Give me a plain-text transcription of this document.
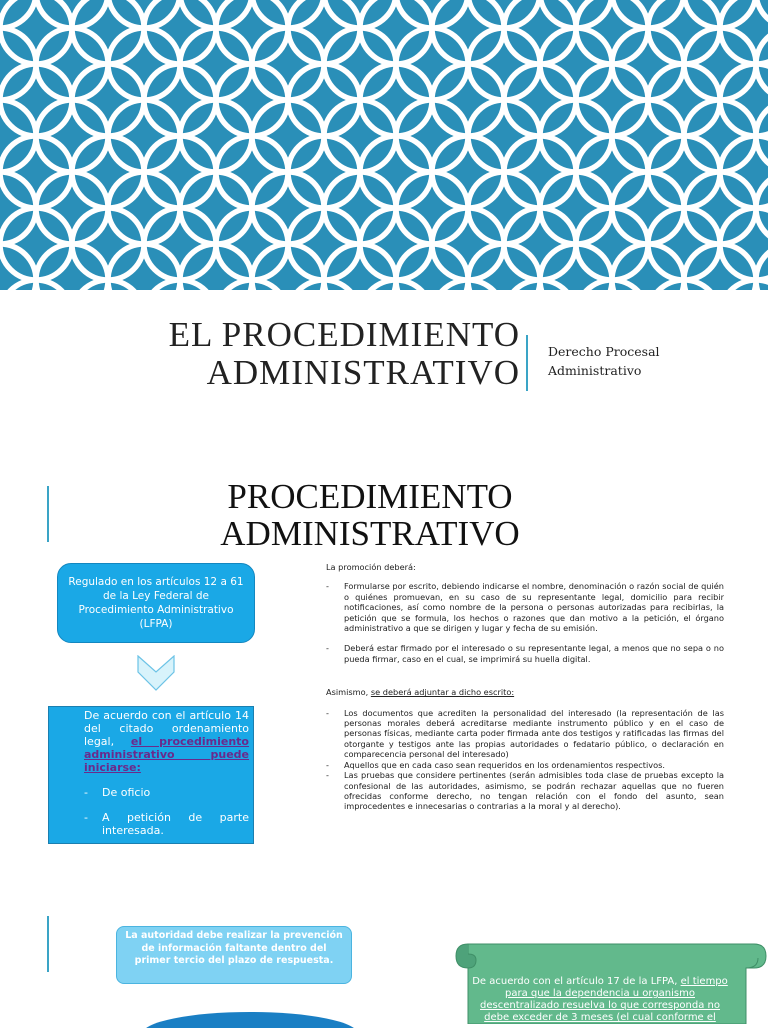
EL PROCEDIMIENTO
ADMINISTRATIVO
Derecho Procesal
Administrativo
PROCEDIMIENTO
ADMINISTRATIVO
Regulado en los artículos 12 a 61 de la Ley Federal de Procedimiento Administrativo (LFPA)
De acuerdo con el artículo 14 del citado ordenamiento legal, el procedimiento administrativo puede iniciarse:
-	De oficio
-	A petición de parte interesada.

La promoción deberá:

-	Formularse por escrito, debiendo indicarse el nombre, denominación o razón social de quién o quiénes promuevan, en su caso de su representante legal, domicilio para recibir notificaciones, así como nombre de la persona o personas autorizadas para recibirlas, la petición que se formula, los hechos o razones que dan motivo a la petición, el órgano administrativo a que se dirigen y lugar y fecha de su emisión.
-	Deberá estar firmado por el interesado o su representante legal, a menos que no sepa o no pueda firmar, caso en el cual, se imprimirá su huella digital.

Asimismo, se deberá adjuntar a dicho escrito:

-	Los documentos que acrediten la personalidad del interesado (la representación de las personas morales deberá acreditarse mediante instrumento público y en el caso de personas físicas, mediante carta poder firmada ante dos testigos y ratificadas las firmas del otorgante y testigos ante las propias autoridades o fedatario público, o declaración en comparecencia personal del interesado)
-	Aquellos que en cada caso sean requeridos en los ordenamientos respectivos.
-	Las pruebas que considere pertinentes (serán admisibles toda clase de pruebas excepto la confesional de las autoridades, asimismo, se podrán rechazar aquellas que no fueren ofrecidas conforme derecho, no tengan relación con el fondo del asunto, sean improcedentes e innecesarias o contrarias a la moral y al derecho).
La autoridad debe realizar la prevención de información faltante dentro del primer tercio del plazo de respuesta.
De acuerdo con el artículo 17 de la LFPA, el tiempo para que la dependencia u organismo descentralizado resuelva lo que corresponda no debe exceder de 3 meses (el cual conforme el
